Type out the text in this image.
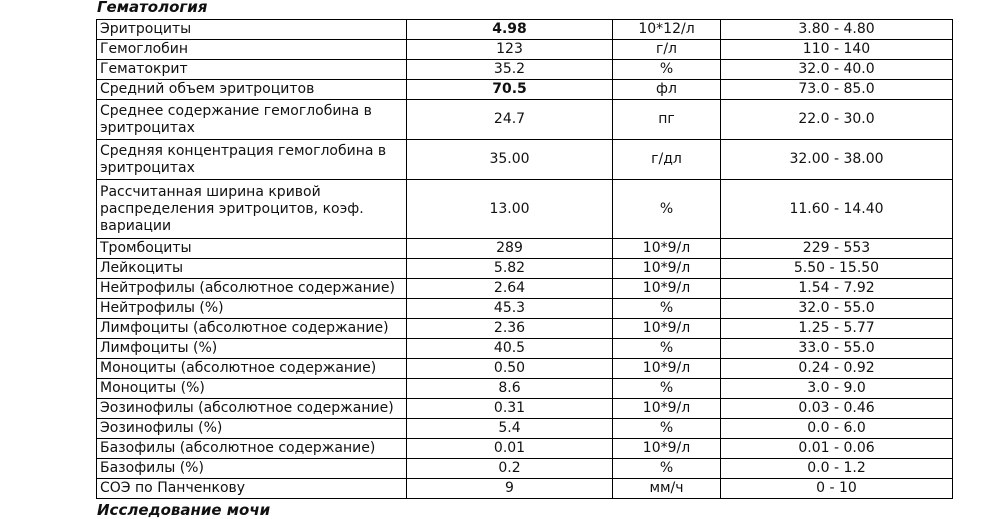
Гематология
Эритроциты	4.98	10*12/л	3.80 - 4.80
Гемоглобин	123	г/л	110 - 140
Гематокрит	35.2	%	32.0 - 40.0
Средний объем эритроцитов	70.5	фл	73.0 - 85.0
Среднее содержание гемоглобина в эритроцитах	24.7	пг	22.0 - 30.0
Средняя концентрация гемоглобина в эритроцитах	35.00	г/дл	32.00 - 38.00
Рассчитанная ширина кривой распределения эритроцитов, коэф. вариации	13.00	%	11.60 - 14.40
Тромбоциты	289	10*9/л	229 - 553
Лейкоциты	5.82	10*9/л	5.50 - 15.50
Нейтрофилы (абсолютное содержание)	2.64	10*9/л	1.54 - 7.92
Нейтрофилы (%)	45.3	%	32.0 - 55.0
Лимфоциты (абсолютное содержание)	2.36	10*9/л	1.25 - 5.77
Лимфоциты (%)	40.5	%	33.0 - 55.0
Моноциты (абсолютное содержание)	0.50	10*9/л	0.24 - 0.92
Моноциты (%)	8.6	%	3.0 - 9.0
Эозинофилы (абсолютное содержание)	0.31	10*9/л	0.03 - 0.46
Эозинофилы (%)	5.4	%	0.0 - 6.0
Базофилы (абсолютное содержание)	0.01	10*9/л	0.01 - 0.06
Базофилы (%)	0.2	%	0.0 - 1.2
СОЭ по Панченкову	9	мм/ч	0 - 10
Исследование мочи
